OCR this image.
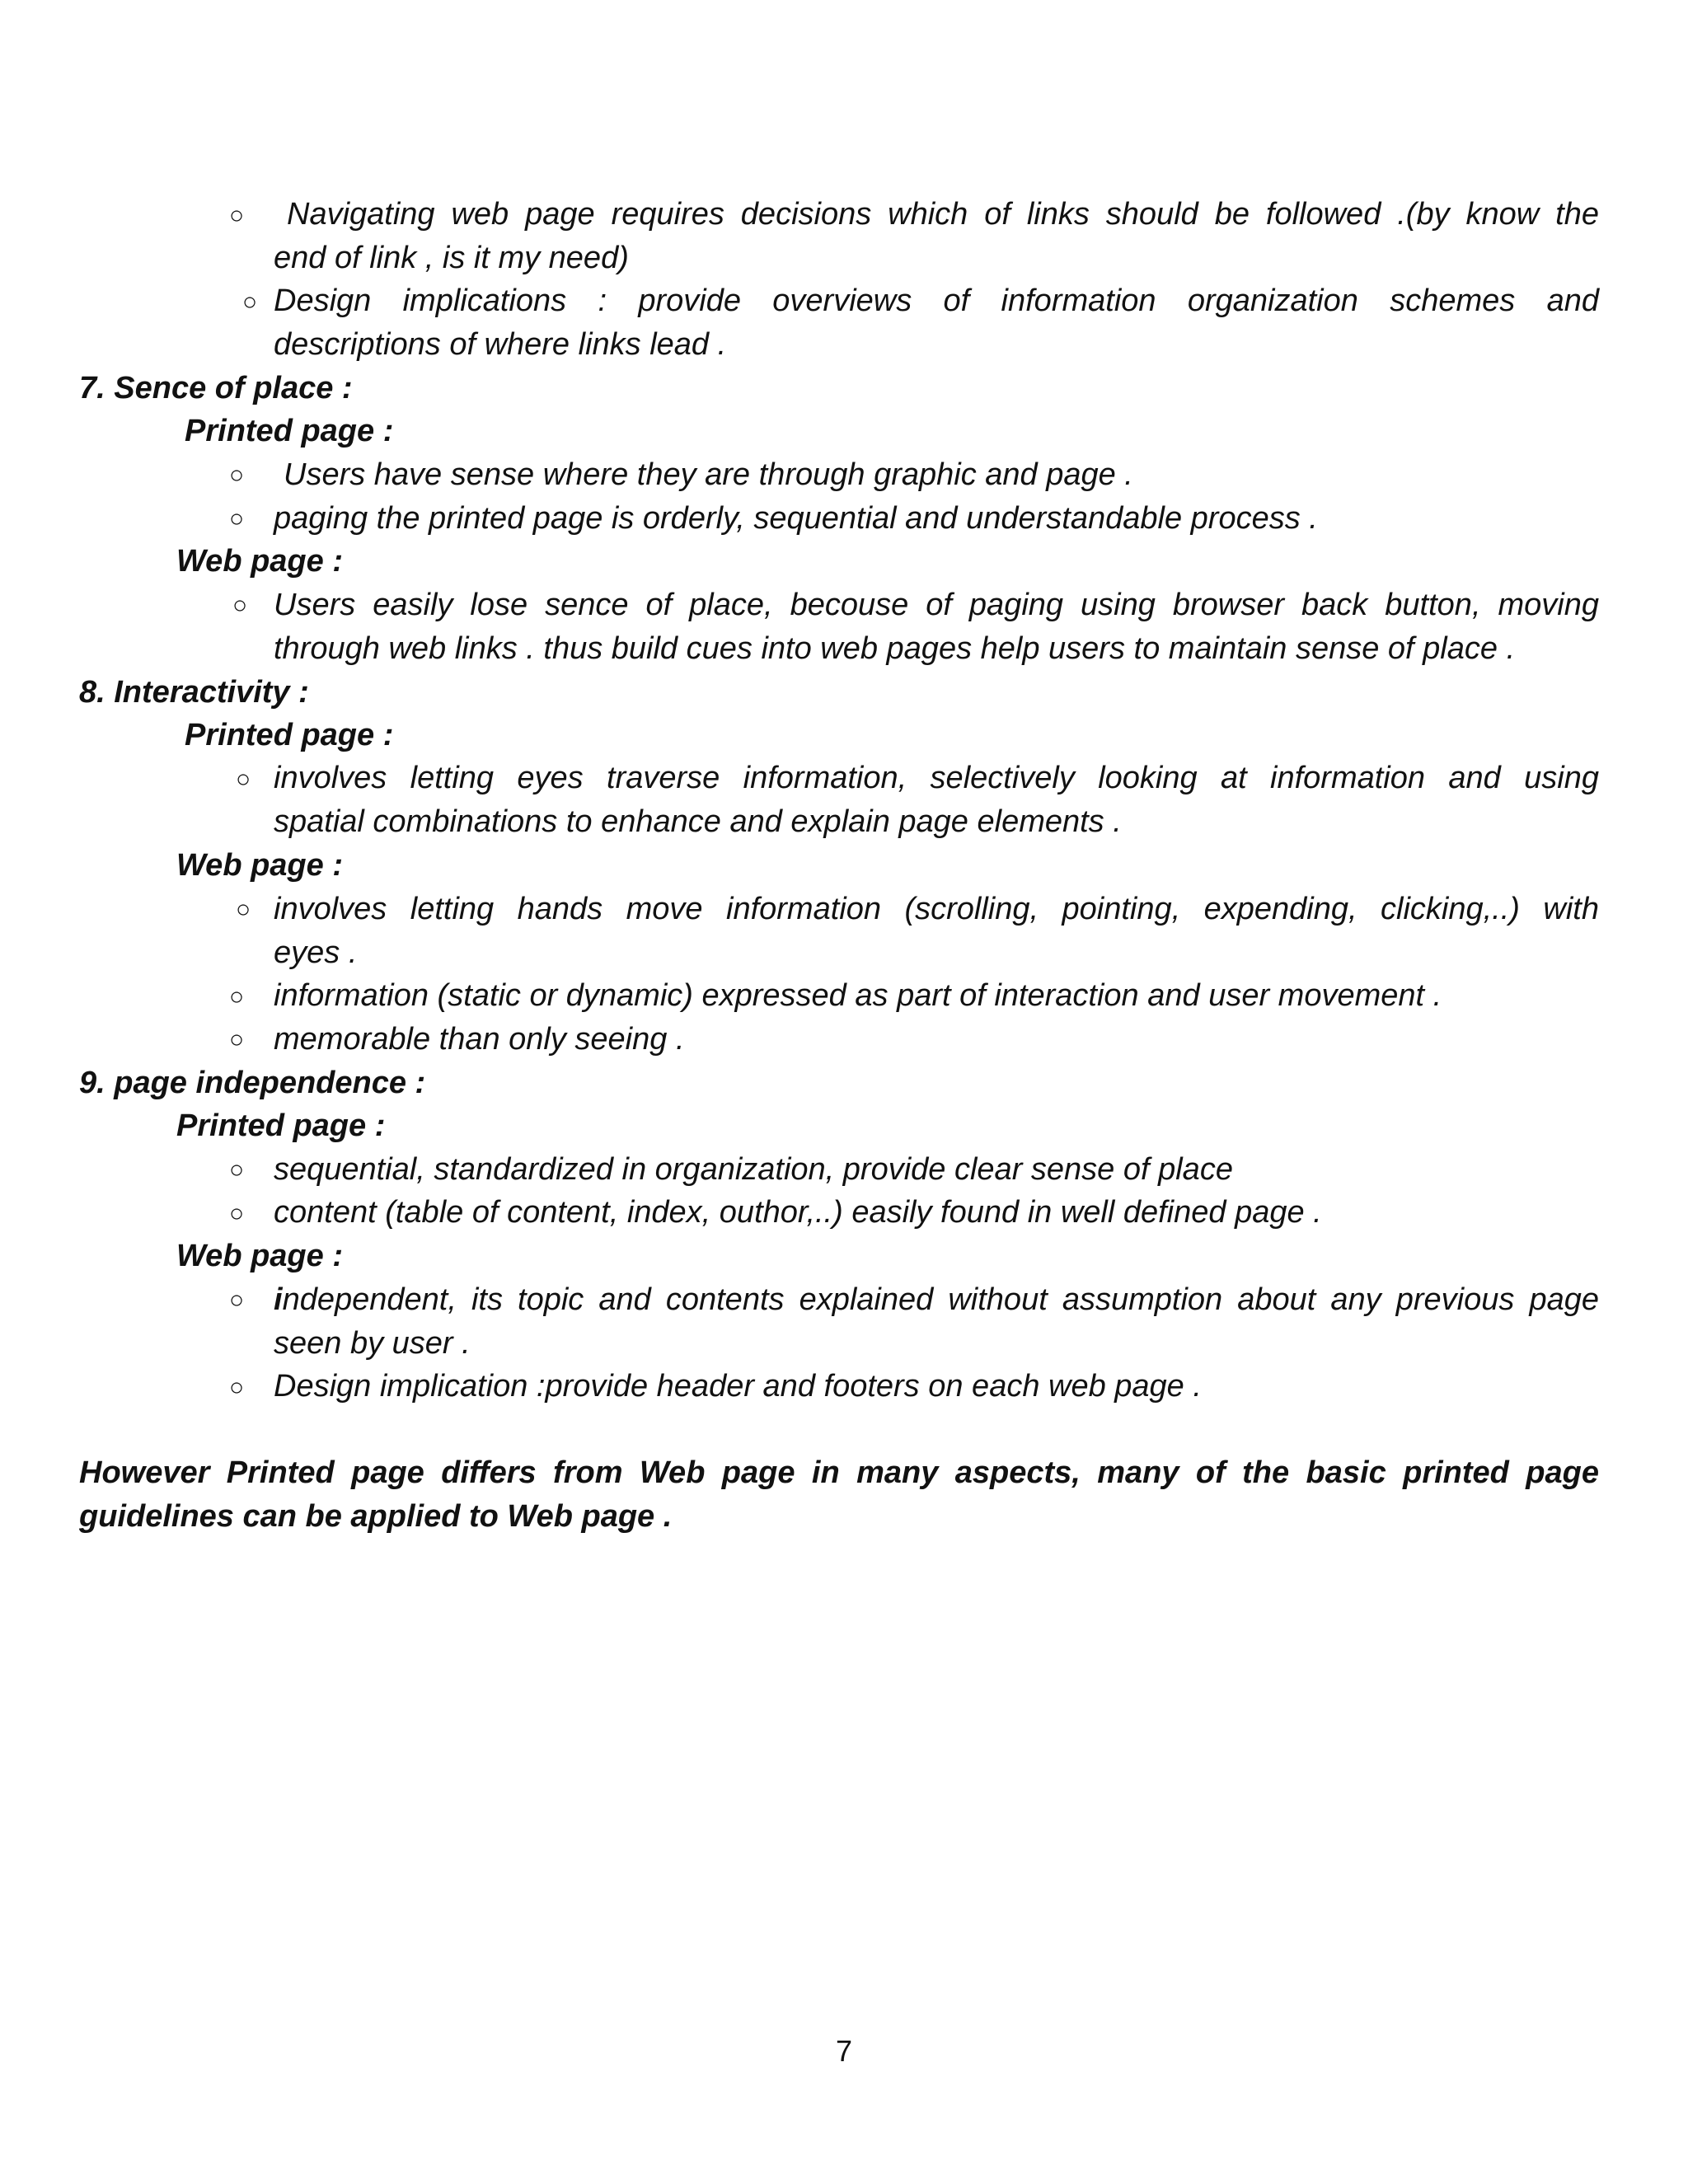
○ Navigating web page requires decisions which of links should be followed .(by know the
end of link , is it my need)
○ Design implications : provide overviews of information organization schemes and
descriptions of where links lead .
7. Sence of place :
Printed page :
○ Users have sense where they are through graphic and page .
○ paging the printed page is orderly, sequential and understandable process .
Web page :
○ Users easily lose sence of place, becouse of paging using browser back button, moving
through web links . thus build cues into web pages help users to maintain sense of place .
8. Interactivity :
Printed page :
○ involves letting eyes traverse information, selectively looking at information and using
spatial combinations to enhance and explain page elements .
Web page :
○ involves letting hands move information (scrolling, pointing, expending, clicking,..) with
eyes .
○ information (static or dynamic) expressed as part of interaction and user movement .
○ memorable than only seeing .
9. page independence :
Printed page :
○ sequential, standardized in organization, provide clear sense of place
○ content (table of content, index, outhor,..) easily found in well defined page .
Web page :
○ independent, its topic and contents explained without assumption about any previous page
seen by user .
○ Design implication :provide header and footers on each web page .
However Printed page differs from Web page in many aspects, many of the basic printed page guidelines can be applied to Web page .
7
